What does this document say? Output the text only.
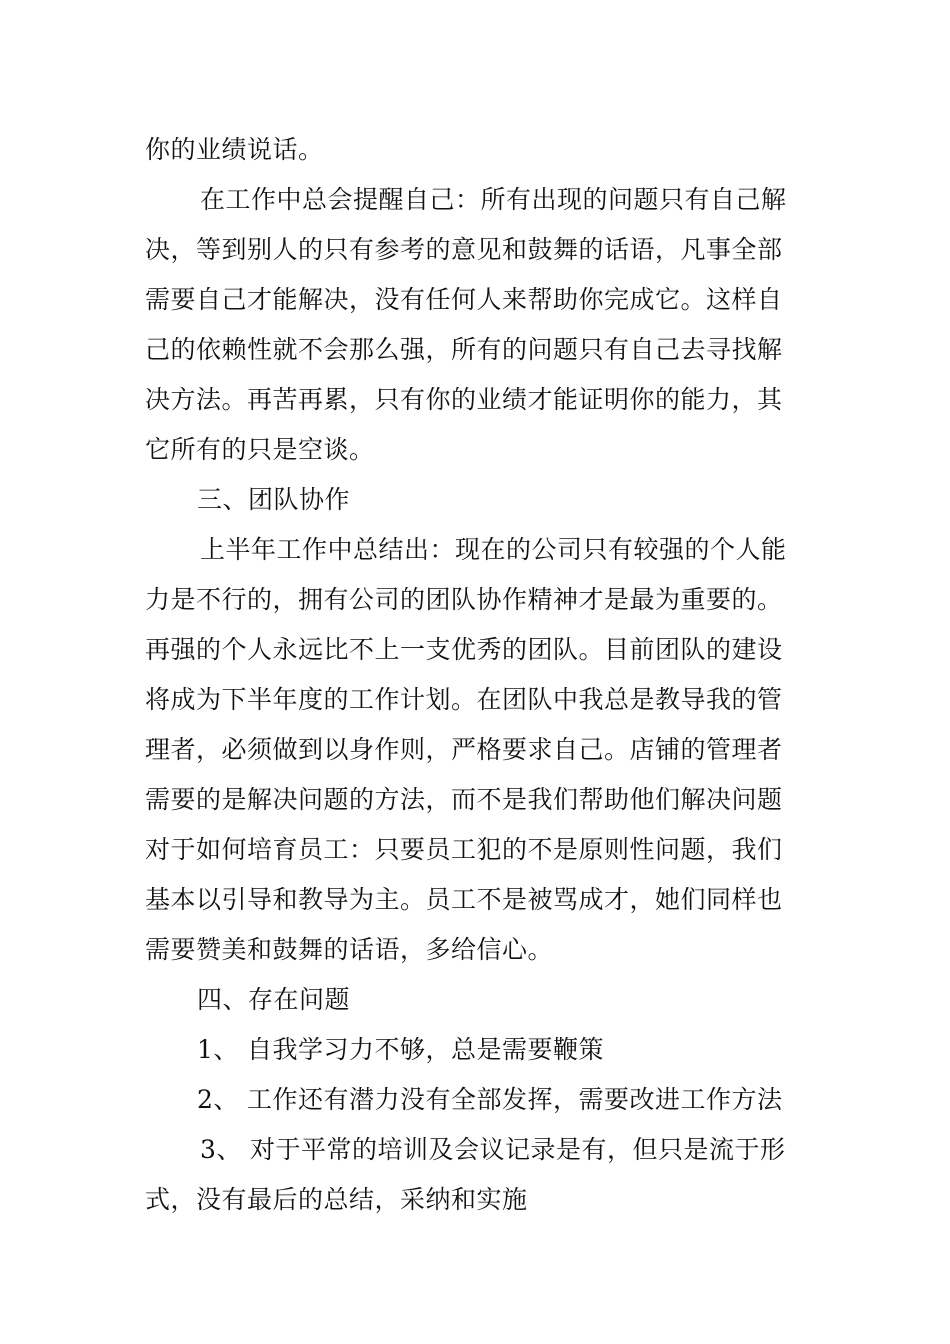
你的业绩说话。
在工作中总会提醒自己：所有出现的问题只有自己解
决，等到别人的只有参考的意见和鼓舞的话语，凡事全部
需要自己才能解决，没有任何人来帮助你完成它。这样自
己的依赖性就不会那么强，所有的问题只有自己去寻找解
决方法。再苦再累，只有你的业绩才能证明你的能力，其
它所有的只是空谈。
三、团队协作
上半年工作中总结出：现在的公司只有较强的个人能
力是不行的，拥有公司的团队协作精神才是最为重要的。
再强的个人永远比不上一支优秀的团队。目前团队的建设
将成为下半年度的工作计划。在团队中我总是教导我的管
理者，必须做到以身作则，严格要求自己。店铺的管理者
需要的是解决问题的方法，而不是我们帮助他们解决问题
对于如何培育员工：只要员工犯的不是原则性问题，我们
基本以引导和教导为主。员工不是被骂成才，她们同样也
需要赞美和鼓舞的话语，多给信心。
四、存在问题
1、 自我学习力不够，总是需要鞭策
2、 工作还有潜力没有全部发挥，需要改进工作方法
3、 对于平常的培训及会议记录是有，但只是流于形
式，没有最后的总结，采纳和实施
